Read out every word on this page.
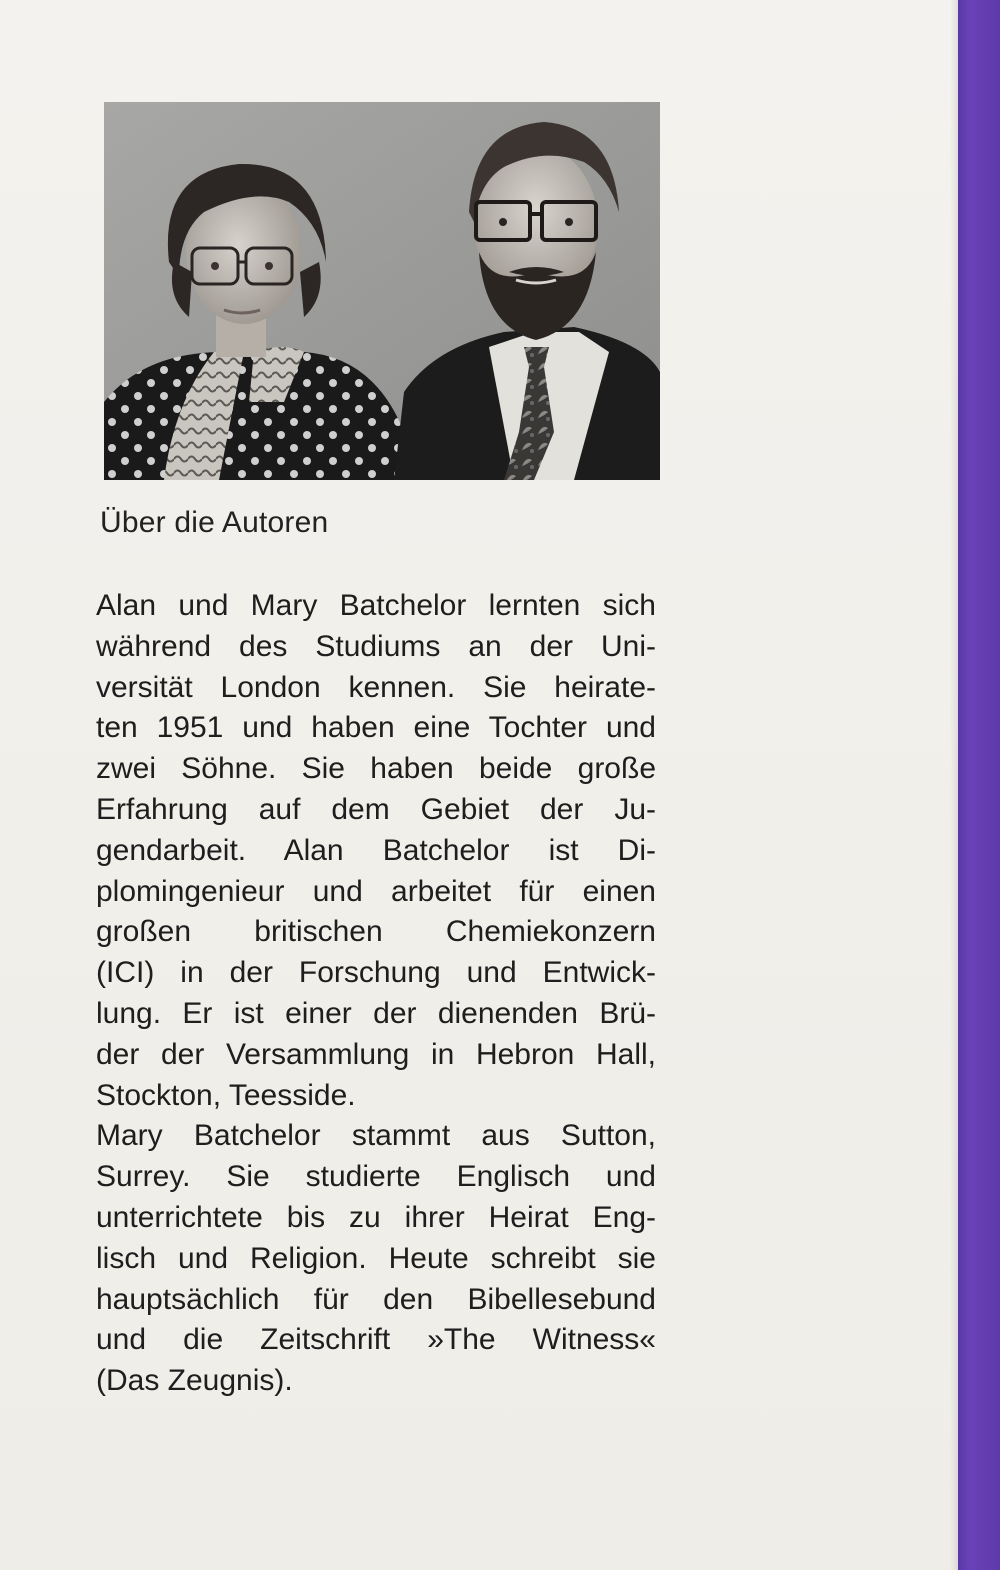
Über die Autoren
Alan und Mary Batchelor lernten sich
während des Studiums an der Uni-
versität London kennen. Sie heirate-
ten 1951 und haben eine Tochter und
zwei Söhne. Sie haben beide große
Erfahrung auf dem Gebiet der Ju-
gendarbeit. Alan Batchelor ist Di-
plomingenieur und arbeitet für einen
großen britischen Chemiekonzern
(ICI) in der Forschung und Entwick-
lung. Er ist einer der dienenden Brü-
der der Versammlung in Hebron Hall,
Stockton, Teesside.
Mary Batchelor stammt aus Sutton,
Surrey. Sie studierte Englisch und
unterrichtete bis zu ihrer Heirat Eng-
lisch und Religion. Heute schreibt sie
hauptsächlich für den Bibellesebund
und die Zeitschrift »The Witness«
(Das Zeugnis).
